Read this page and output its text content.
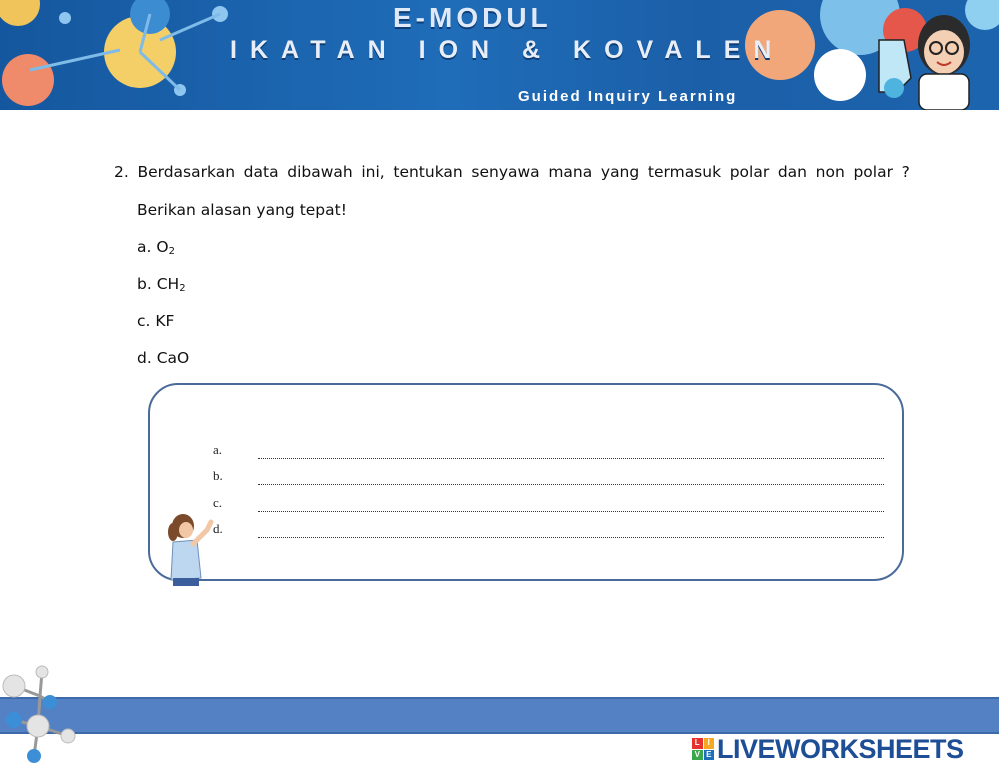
E-MODUL
IKATAN ION & KOVALEN
Guided Inquiry Learning
2. Berdasarkan data dibawah ini, tentukan senyawa mana yang termasuk polar dan non polar ?
Berikan alasan yang tepat!
a. $O_2$
b. $CH_2$
c. KF
d. CaO
a.
b.
c.
d.
L I
V E LIVEWORKSHEETS
